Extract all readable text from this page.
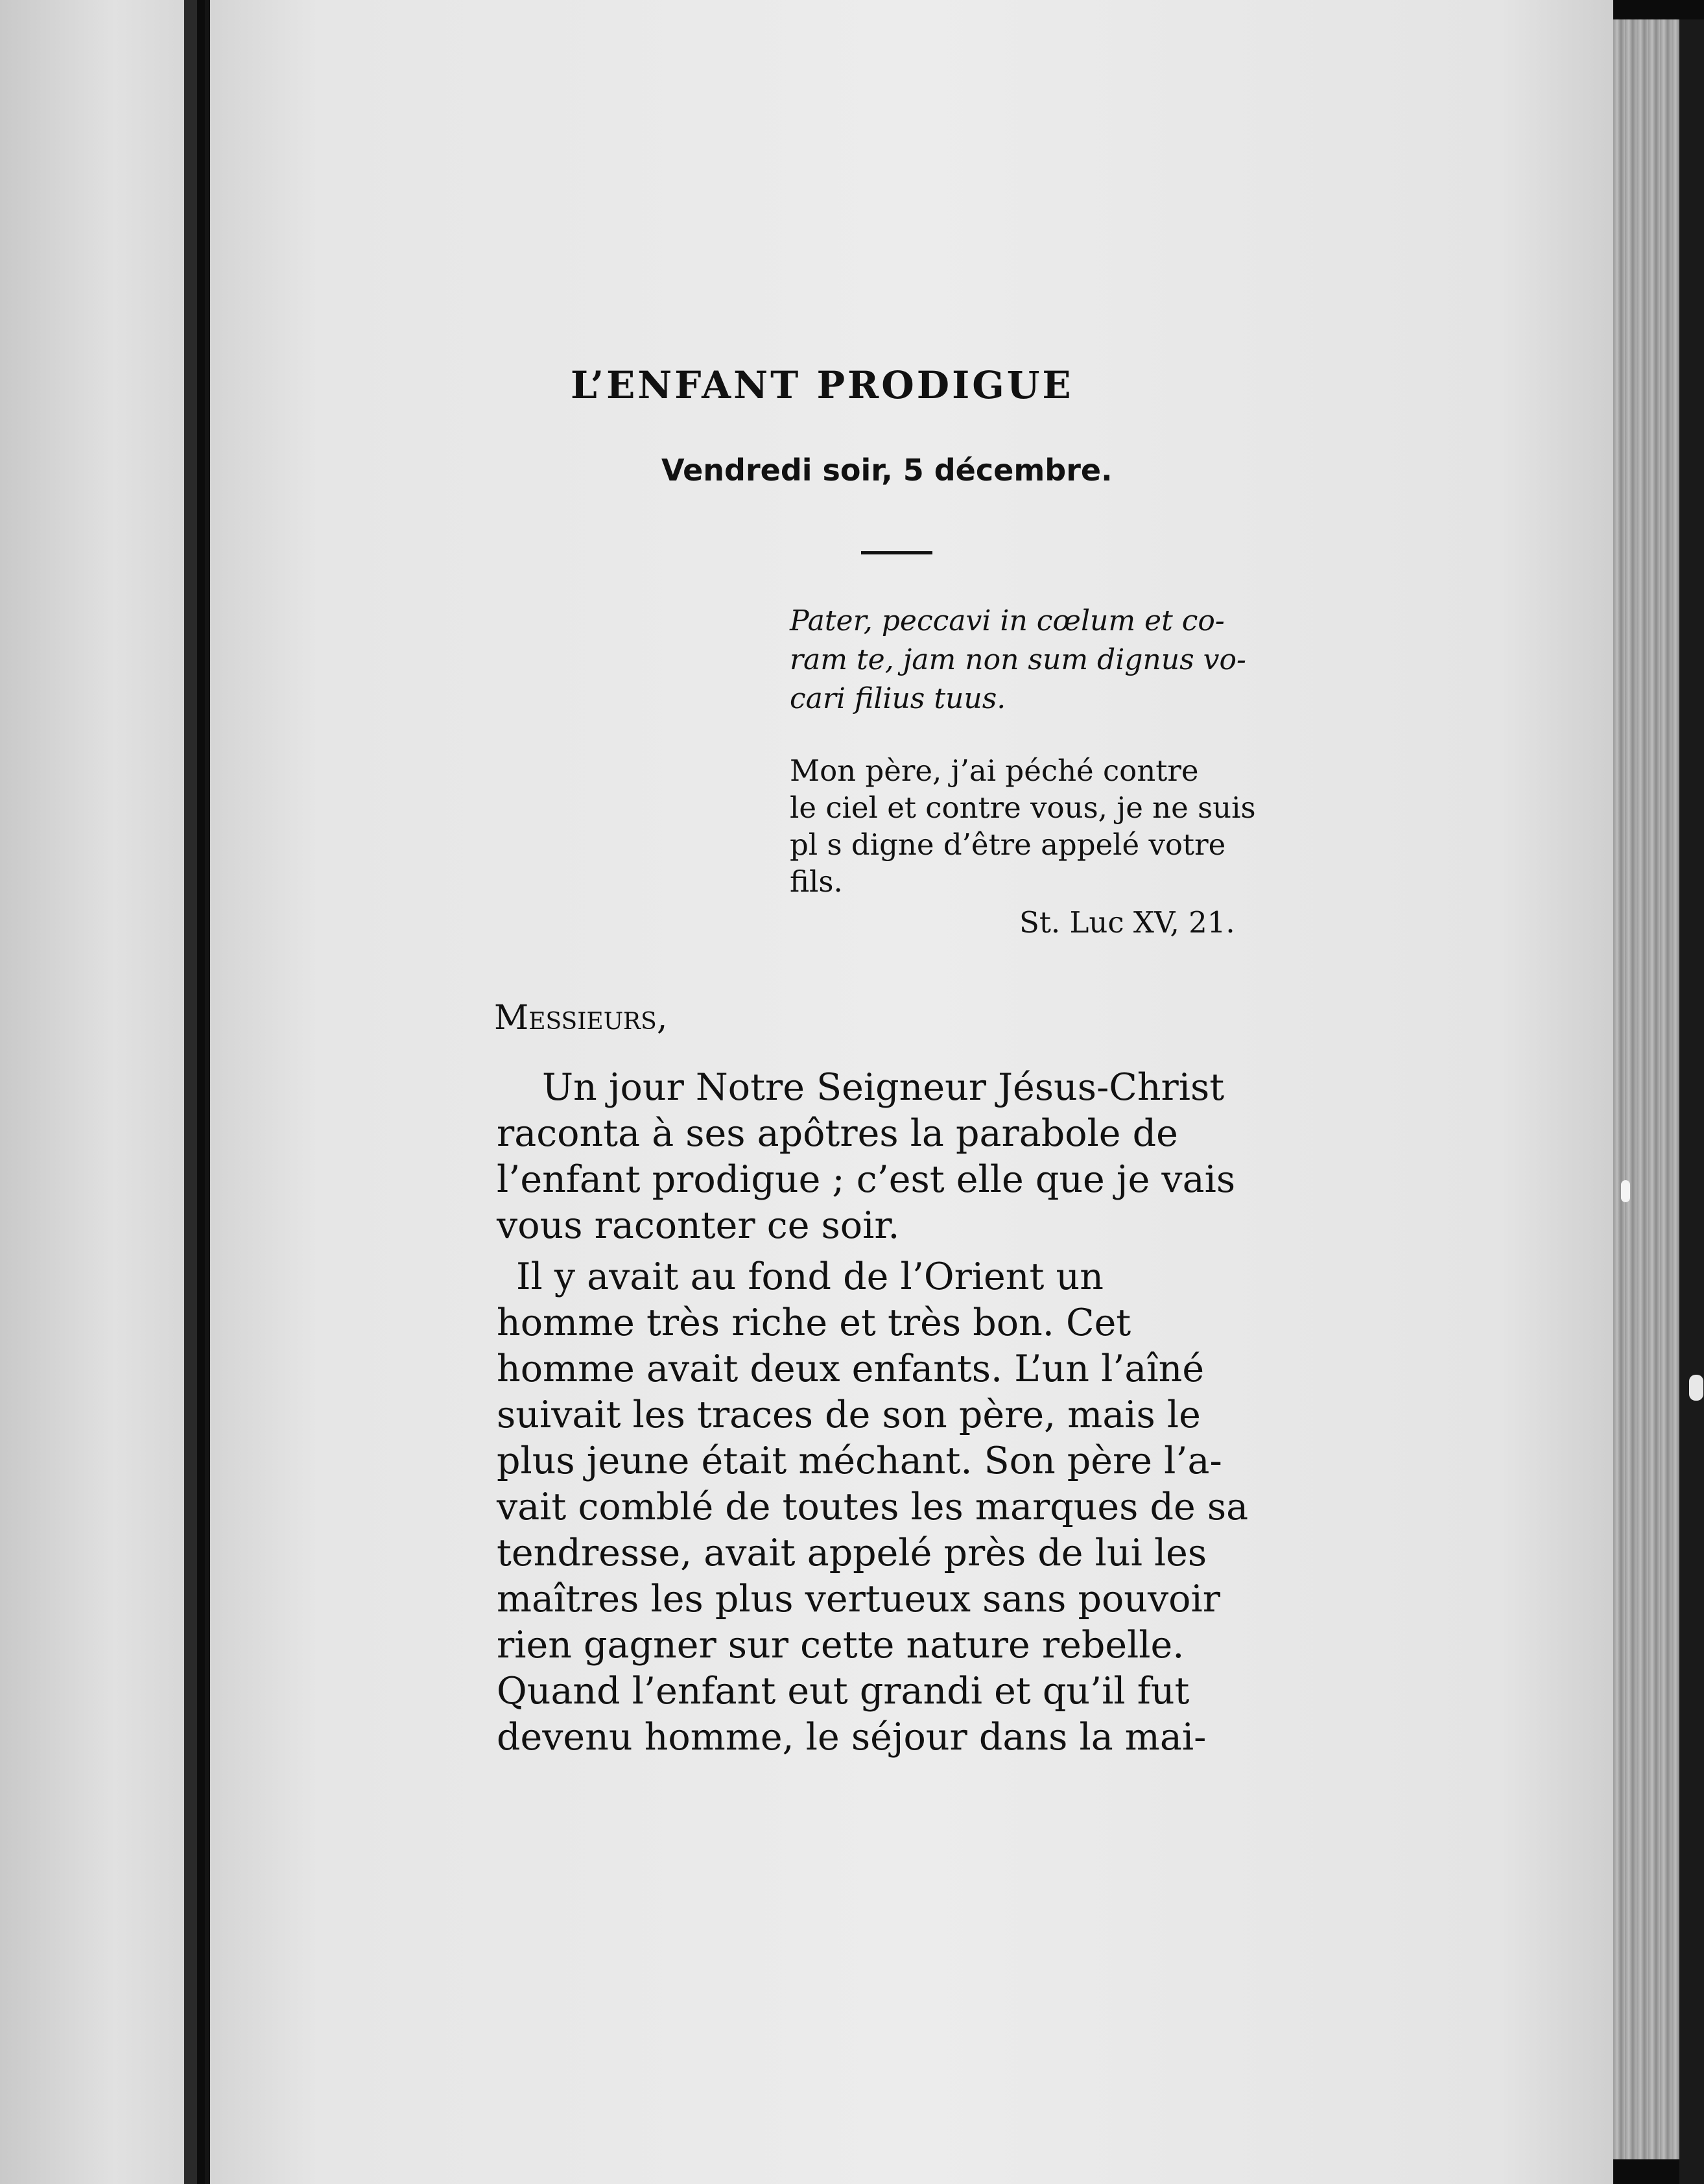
L’ENFANT PRODIGUE
Vendredi soir, 5 décembre.
Pater, peccavi in cœlum et co-
ram te, jam non sum dignus vo-
cari filius tuus.
Mon père, j’ai péché contre
le ciel et contre vous, je ne suis
pl s digne d’être appelé votre
fils.
St. Luc XV, 21.
Messieurs,
Un jour Notre Seigneur Jésus-Christ
raconta à ses apôtres la parabole de
l’enfant prodigue ; c’est elle que je vais
vous raconter ce soir.
Il y avait au fond de l’Orient un
homme très riche et très bon. Cet
homme avait deux enfants. L’un l’aîné
suivait les traces de son père, mais le
plus jeune était méchant. Son père l’a-
vait comblé de toutes les marques de sa
tendresse, avait appelé près de lui les
maîtres les plus vertueux sans pouvoir
rien gagner sur cette nature rebelle.
Quand l’enfant eut grandi et qu’il fut
devenu homme, le séjour dans la mai-
